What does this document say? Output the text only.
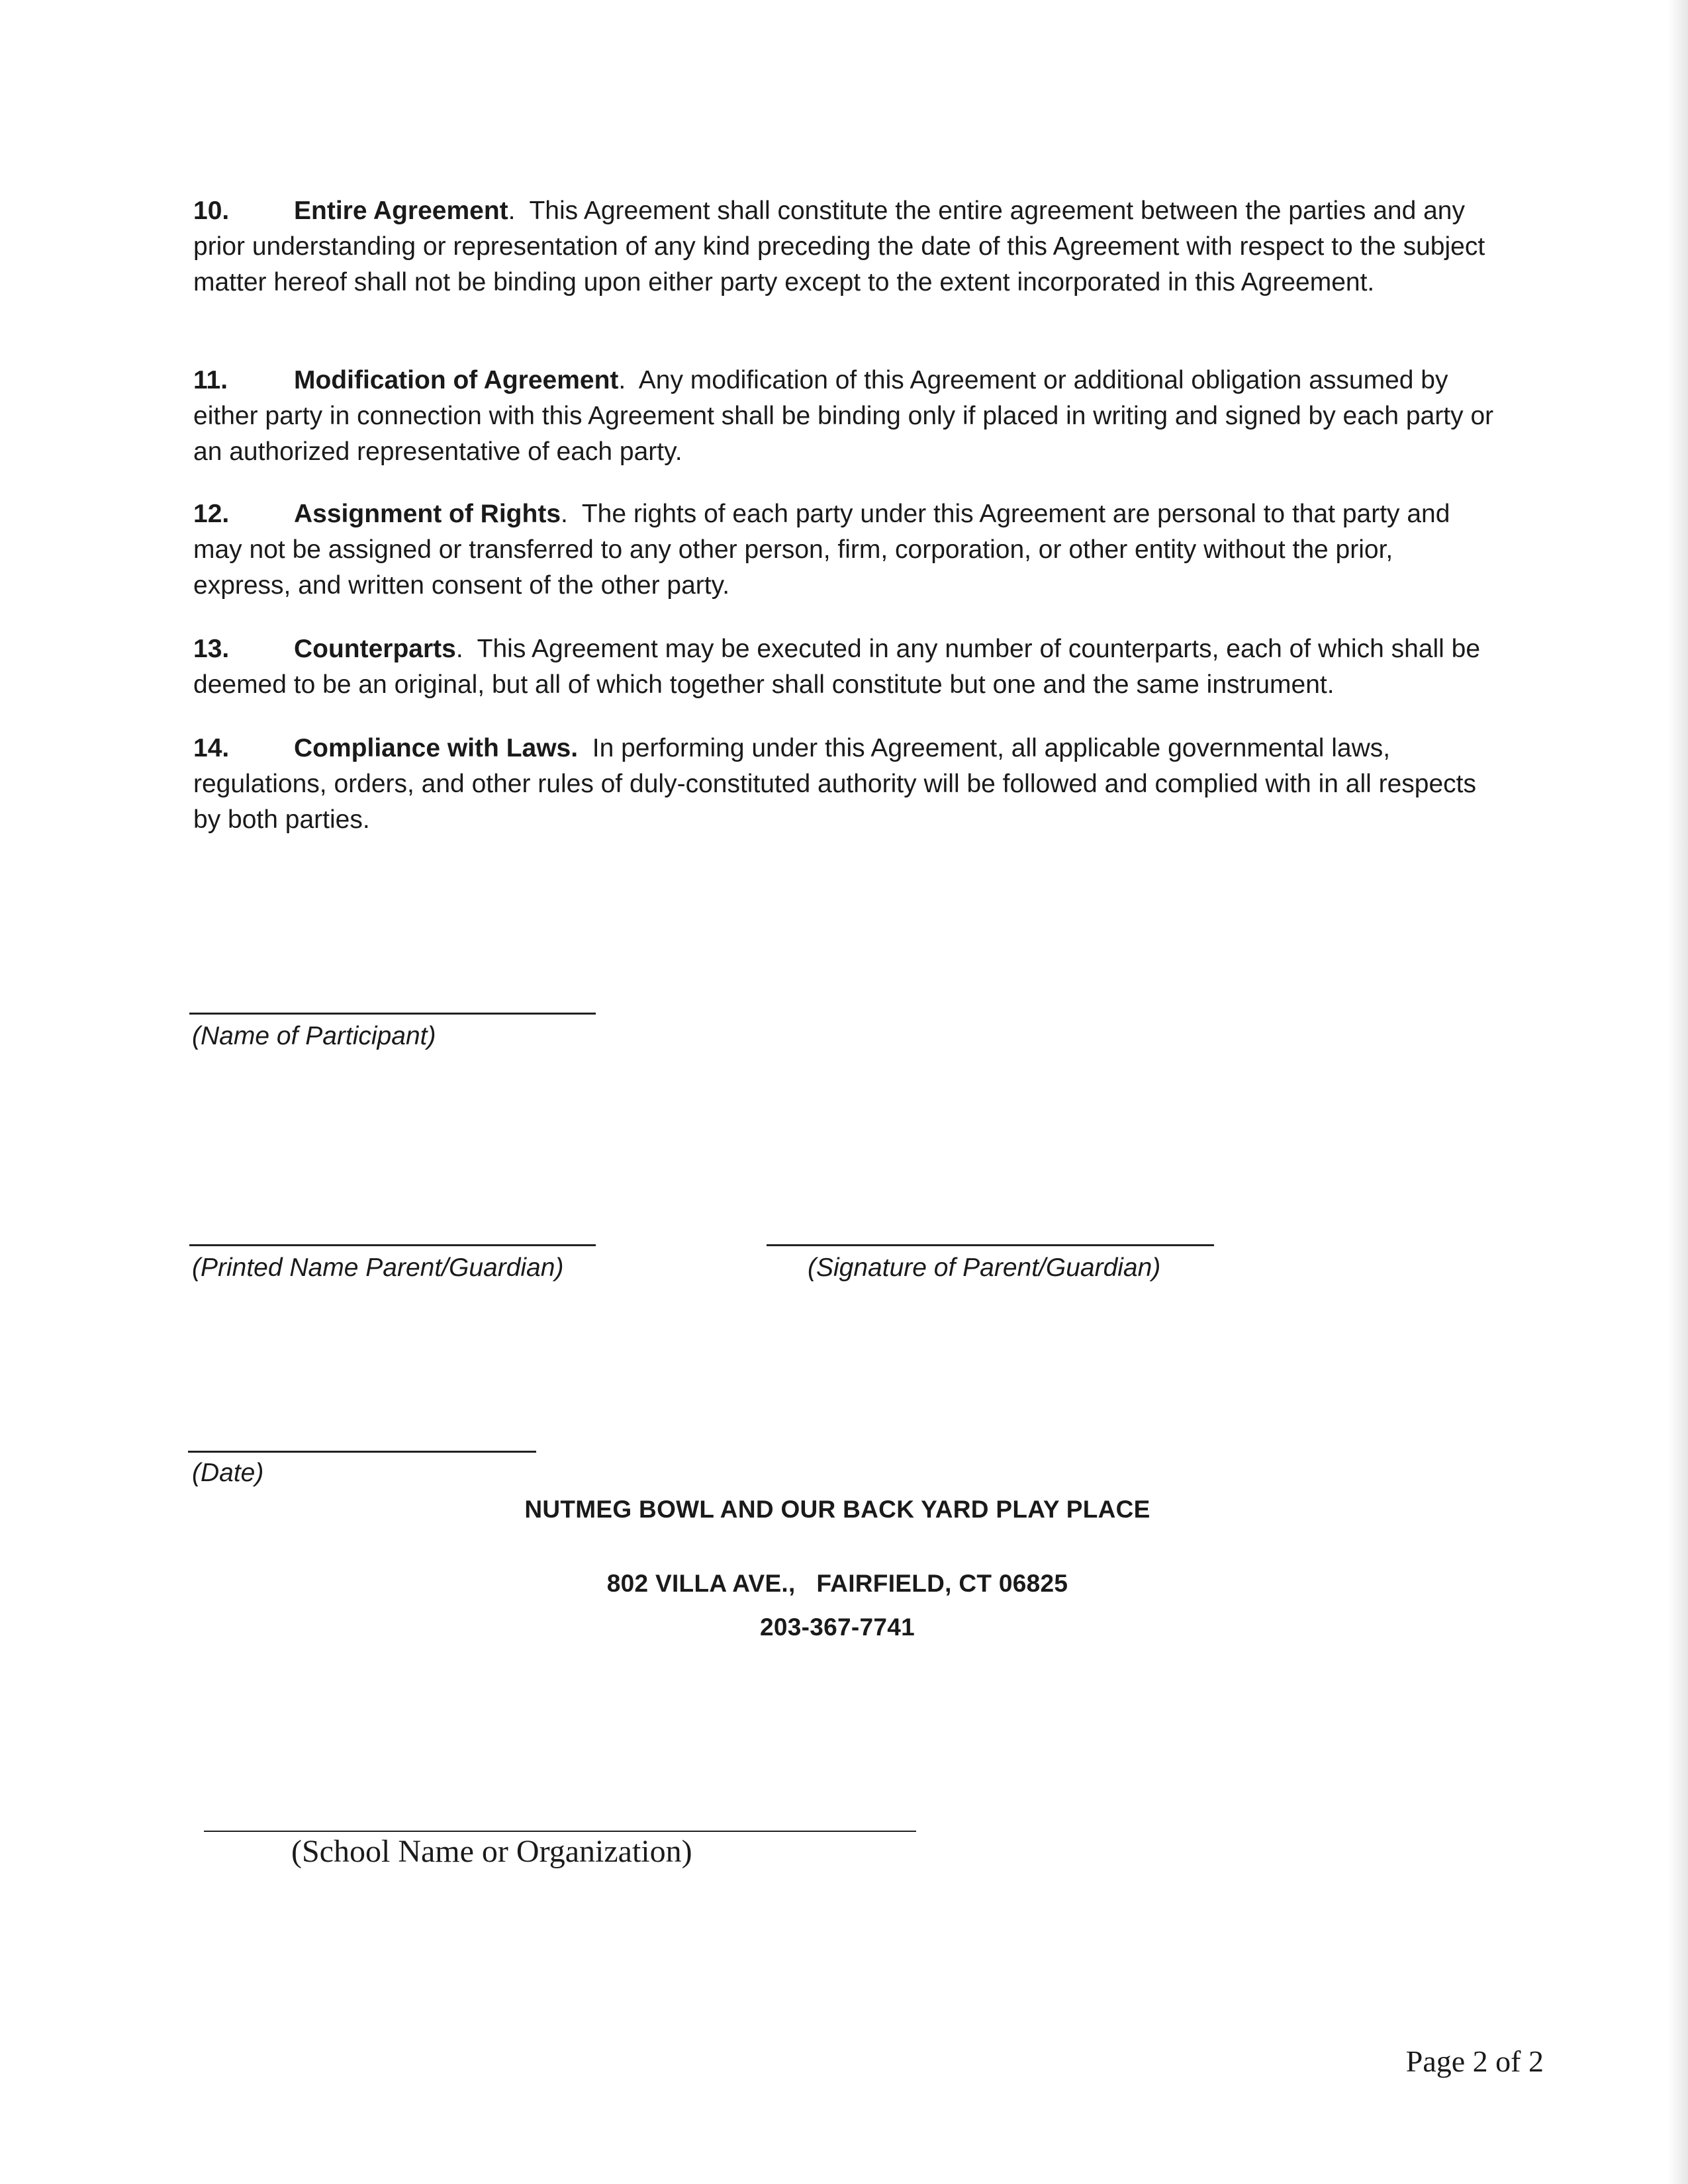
10.	Entire Agreement.  This Agreement shall constitute the entire agreement between the parties and any prior understanding or representation of any kind preceding the date of this Agreement with respect to the subject matter hereof shall not be binding upon either party except to the extent incorporated in this Agreement.

11.	Modification of Agreement.  Any modification of this Agreement or additional obligation assumed by either party in connection with this Agreement shall be binding only if placed in writing and signed by each party or an authorized representative of each party.

12.	Assignment of Rights.  The rights of each party under this Agreement are personal to that party and may not be assigned or transferred to any other person, firm, corporation, or other entity without the prior, express, and written consent of the other party.

13.	Counterparts.  This Agreement may be executed in any number of counterparts, each of which shall be deemed to be an original, but all of which together shall constitute but one and the same instrument.

14.	Compliance with Laws. In performing under this Agreement, all applicable governmental laws, regulations, orders, and other rules of duly-constituted authority will be followed and complied with in all respects by both parties.

(Name of Participant)
(Printed Name Parent/Guardian)	(Signature of Parent/Guardian)
(Date)
NUTMEG BOWL AND OUR BACK YARD PLAY PLACE
802 VILLA AVE.,   FAIRFIELD, CT 06825
203-367-7741
(School Name or Organization)
Page 2 of 2
